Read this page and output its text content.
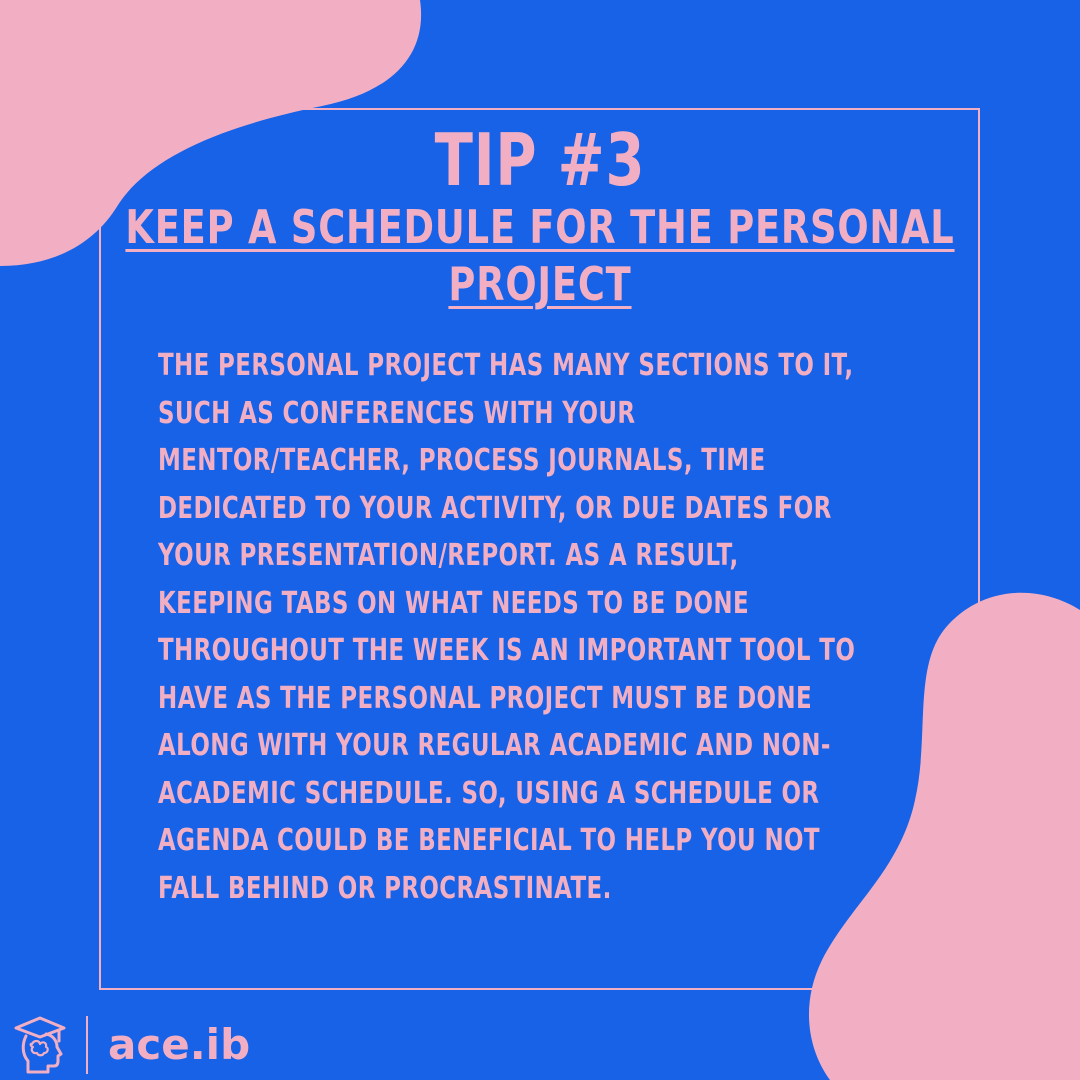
TIP #3
KEEP A SCHEDULE FOR THE PERSONAL PROJECT
THE PERSONAL PROJECT HAS MANY SECTIONS TO IT,
SUCH AS CONFERENCES WITH YOUR
MENTOR/TEACHER, PROCESS JOURNALS, TIME
DEDICATED TO YOUR ACTIVITY, OR DUE DATES FOR
YOUR PRESENTATION/REPORT. AS A RESULT,
KEEPING TABS ON WHAT NEEDS TO BE DONE
THROUGHOUT THE WEEK IS AN IMPORTANT TOOL TO
HAVE AS THE PERSONAL PROJECT MUST BE DONE
ALONG WITH YOUR REGULAR ACADEMIC AND NON-
ACADEMIC SCHEDULE. SO, USING A SCHEDULE OR
AGENDA COULD BE BENEFICIAL TO HELP YOU NOT
FALL BEHIND OR PROCRASTINATE.
ace.ib
